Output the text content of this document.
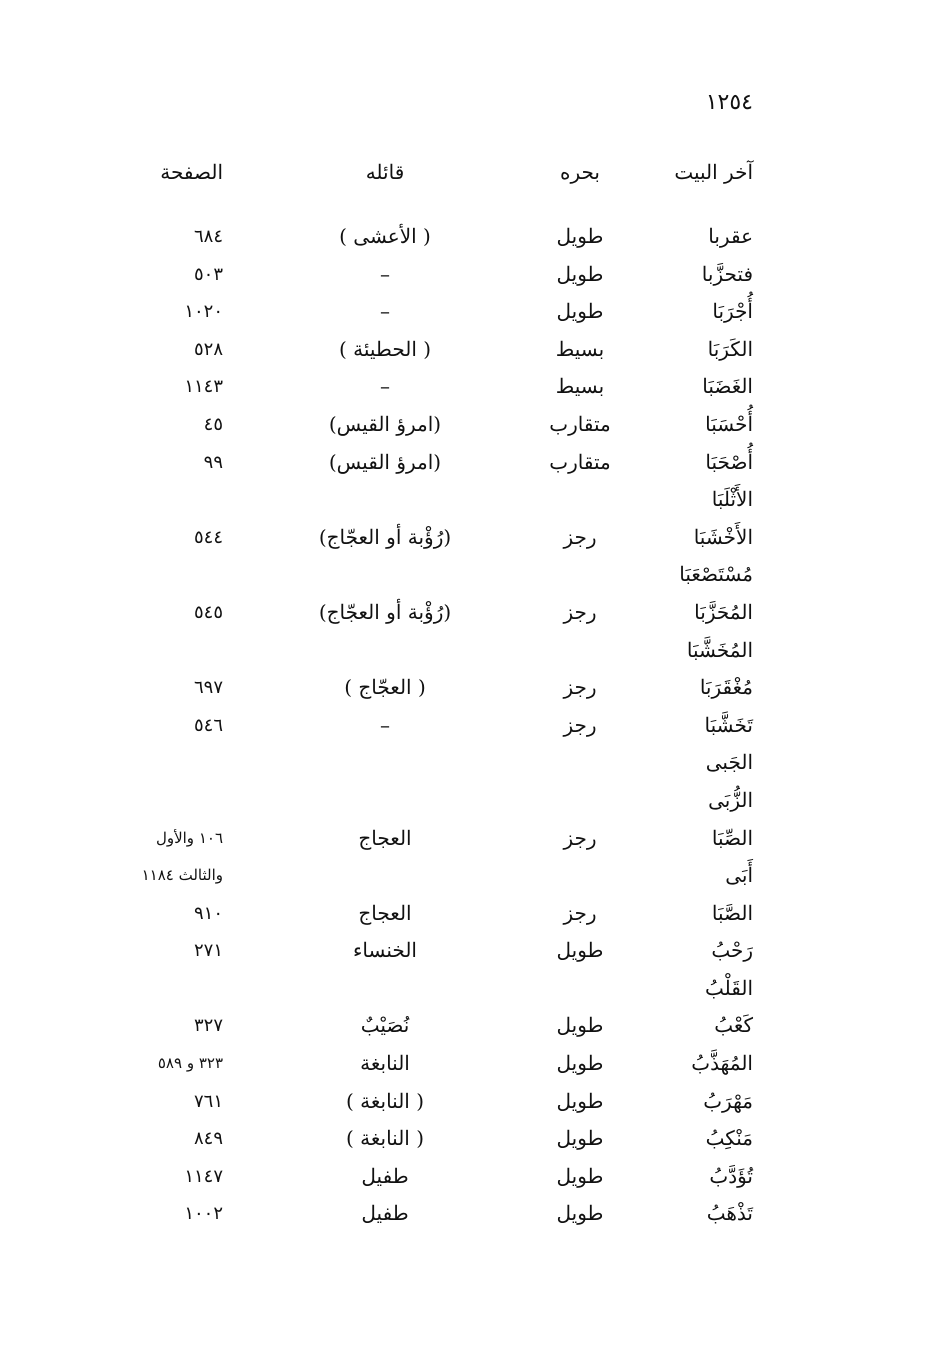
١٢٥٤
آخر البيت
بحره
قائله
الصفحة
عقربا
طويل
( الأعشى )
٦٨٤
فتحزَّبا
طويل
–
٥٠٣
أُجْرَبَا
طويل
–
١٠٢٠
الكَرَبَا
بسيط
( الحطيئة )
٥٢٨
الغَضَبَا
بسيط
–
١١٤٣
أُحْسَبَا
متقارب
(امرؤ القيس)
٤٥
أُصْحَبَا
متقارب
(امرؤ القيس)
٩٩
الأَثْلَبَا
الأَخْشَبَا
رجز
(رُؤْبة أو العجّاج)
٥٤٤
مُسْتَصْعَبَا
المُحَزَّبَا
رجز
(رُؤْبة أو العجّاج)
٥٤٥
المُخَشَّبَا
مُغْقَرَبَا
رجز
( العجّاج )
٦٩٧
تَخَشَّبَا
رجز
–
٥٤٦
الجَبى
الزُّبَى
الصِّبَا
رجز
العجاج
١٠٦ والأول
أَبَى
والثالث ١١٨٤
الصَّبَا
رجز
العجاج
٩١٠
رَحْبُ
طويل
الخنساء
٢٧١
القَلْبُ
كَعْبُ
طويل
نُصَيْبٌ
٣٢٧
المُهَذَّبُ
طويل
النابغة
٣٢٣ و ٥٨٩
مَهْرَبُ
طويل
( النابغة )
٧٦١
مَنْكِبُ
طويل
( النابغة )
٨٤٩
تُؤَدَّبُ
طويل
طفيل
١١٤٧
تَذْهَبُ
طويل
طفيل
١٠٠٢
